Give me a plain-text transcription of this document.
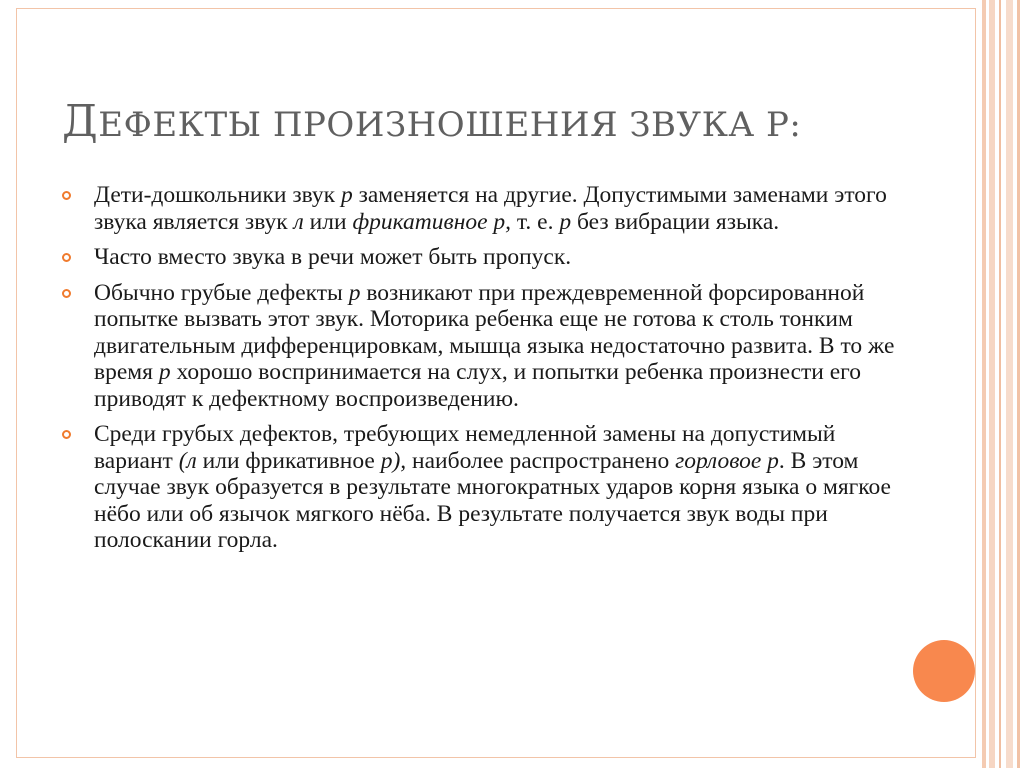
ДЕФЕКТЫ ПРОИЗНОШЕНИЯ ЗВУКА Р:
Дети-дошкольники звук р заменяется на другие. Допустимыми заменами этого звука является звук л или фрикативное р, т. е. р без вибрации языка.
Часто вместо звука в речи может быть пропуск.
Обычно грубые дефекты р возникают при преждевременной форсированной попытке вызвать этот звук. Моторика ребенка еще не готова к столь тонким двигательным дифференцировкам, мышца языка недостаточно развита. В то же время р хорошо воспринимается на слух, и попытки ребенка произнести его приводят к дефектному воспроизведению.
Среди грубых дефектов, требующих немедленной замены на допустимый вариант (л или фрикативное р), наиболее распространено горловое р. В этом случае звук образуется в результате многократных ударов корня языка о мягкое нёбо или об язычок мягкого нёба. В результате получается звук воды при полоскании горла.
